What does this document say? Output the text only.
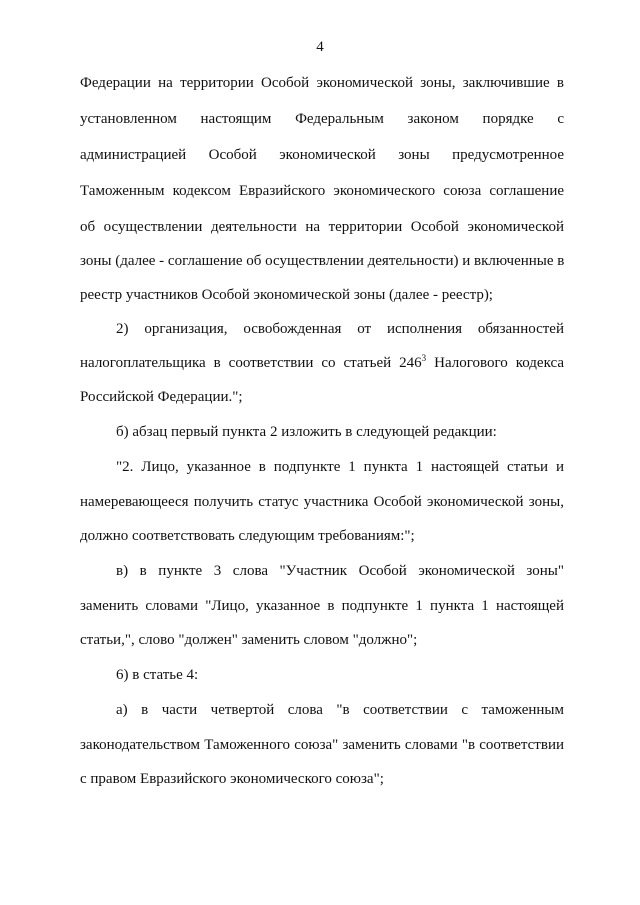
4
Федерации на территории Особой экономической зоны, заключившие в
установленном настоящим Федеральным законом порядке с
администрацией Особой экономической зоны предусмотренное
Таможенным кодексом Евразийского экономического союза соглашение
об осуществлении деятельности на территории Особой экономической
зоны (далее - соглашение об осуществлении деятельности) и включенные в
реестр участников Особой экономической зоны (далее - реестр);
2) организация, освобожденная от исполнения обязанностей
налогоплательщика в соответствии со статьей $246^3$ Налогового кодекса
Российской Федерации.";
б) абзац первый пункта 2 изложить в следующей редакции:
"2. Лицо, указанное в подпункте 1 пункта 1 настоящей статьи и
намеревающееся получить статус участника Особой экономической зоны,
должно соответствовать следующим требованиям:";
в) в пункте 3 слова "Участник Особой экономической зоны"
заменить словами "Лицо, указанное в подпункте 1 пункта 1 настоящей
статьи,", слово "должен" заменить словом "должно";
6) в статье 4:
а) в части четвертой слова "в соответствии с таможенным
законодательством Таможенного союза" заменить словами "в соответствии
с правом Евразийского экономического союза";
